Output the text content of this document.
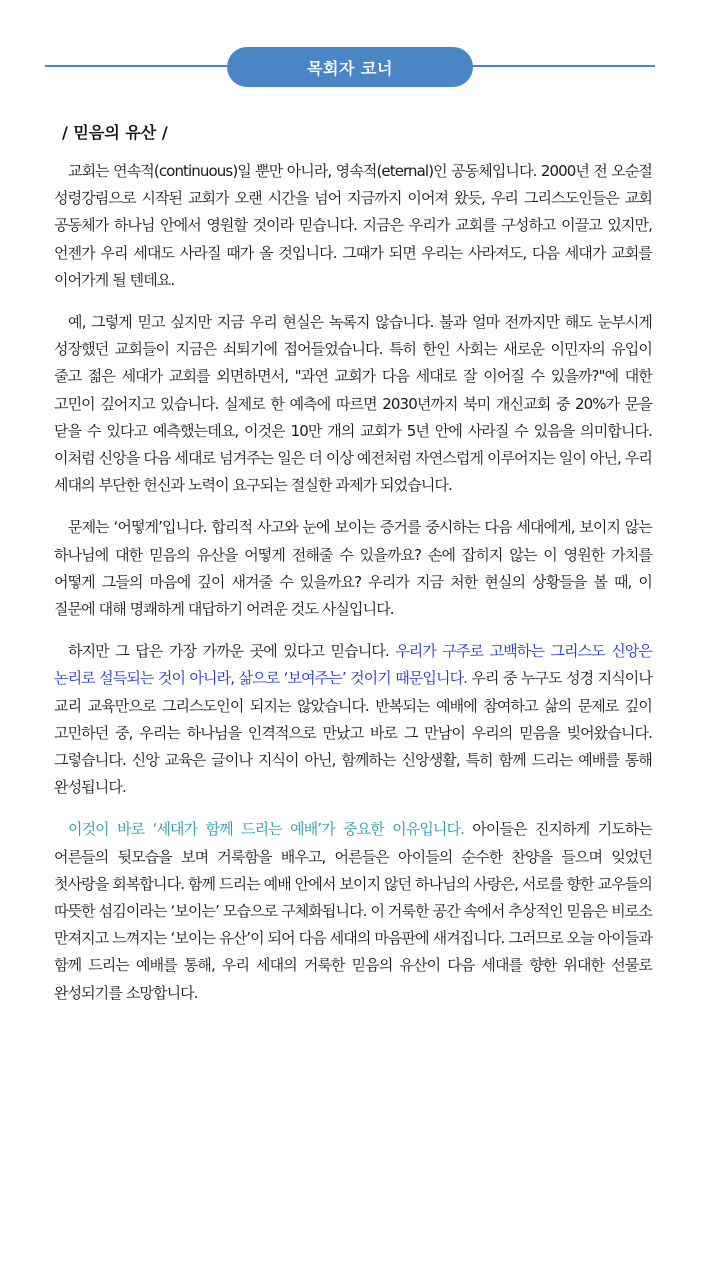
목회자 코너
/ 믿음의 유산 /

교회는 연속적(continuous)일 뿐만 아니라, 영속적(eternal)인 공동체입니다. 2000년 전 오순절 성령강림으로 시작된 교회가 오랜 시간을 넘어 지금까지 이어져 왔듯, 우리 그리스도인들은 교회 공동체가 하나님 안에서 영원할 것이라 믿습니다. 지금은 우리가 교회를 구성하고 이끌고 있지만, 언젠가 우리 세대도 사라질 때가 올 것입니다. 그때가 되면 우리는 사라져도, 다음 세대가 교회를 이어가게 될 텐데요.

예, 그렇게 믿고 싶지만 지금 우리 현실은 녹록지 않습니다. 불과 얼마 전까지만 해도 눈부시게 성장했던 교회들이 지금은 쇠퇴기에 접어들었습니다. 특히 한인 사회는 새로운 이민자의 유입이 줄고 젊은 세대가 교회를 외면하면서, "과연 교회가 다음 세대로 잘 이어질 수 있을까?"에 대한 고민이 깊어지고 있습니다. 실제로 한 예측에 따르면 2030년까지 북미 개신교회 중 20%가 문을 닫을 수 있다고 예측했는데요, 이것은 10만 개의 교회가 5년 안에 사라질 수 있음을 의미합니다. 이처럼 신앙을 다음 세대로 넘겨주는 일은 더 이상 예전처럼 자연스럽게 이루어지는 일이 아닌, 우리 세대의 부단한 헌신과 노력이 요구되는 절실한 과제가 되었습니다.

문제는 ‘어떻게’입니다. 합리적 사고와 눈에 보이는 증거를 중시하는 다음 세대에게, 보이지 않는 하나님에 대한 믿음의 유산을 어떻게 전해줄 수 있을까요? 손에 잡히지 않는 이 영원한 가치를 어떻게 그들의 마음에 깊이 새겨줄 수 있을까요? 우리가 지금 처한 현실의 상황들을 볼 때, 이 질문에 대해 명쾌하게 대답하기 어려운 것도 사실입니다.

하지만 그 답은 가장 가까운 곳에 있다고 믿습니다. 우리가 구주로 고백하는 그리스도 신앙은 논리로 설득되는 것이 아니라, 삶으로 ‘보여주는’ 것이기 때문입니다. 우리 중 누구도 성경 지식이나 교리 교육만으로 그리스도인이 되지는 않았습니다. 반복되는 예배에 참여하고 삶의 문제로 깊이 고민하던 중, 우리는 하나님을 인격적으로 만났고 바로 그 만남이 우리의 믿음을 빚어왔습니다. 그렇습니다. 신앙 교육은 글이나 지식이 아닌, 함께하는 신앙생활, 특히 함께 드리는 예배를 통해 완성됩니다.

이것이 바로 ‘세대가 함께 드리는 예배’가 중요한 이유입니다. 아이들은 진지하게 기도하는 어른들의 뒷모습을 보며 거룩함을 배우고, 어른들은 아이들의 순수한 찬양을 들으며 잊었던 첫사랑을 회복합니다. 함께 드리는 예배 안에서 보이지 않던 하나님의 사랑은, 서로를 향한 교우들의 따뜻한 섬김이라는 ‘보이는’ 모습으로 구체화됩니다. 이 거룩한 공간 속에서 추상적인 믿음은 비로소 만져지고 느껴지는 ‘보이는 유산’이 되어 다음 세대의 마음판에 새겨집니다. 그러므로 오늘 아이들과 함께 드리는 예배를 통해, 우리 세대의 거룩한 믿음의 유산이 다음 세대를 향한 위대한 선물로 완성되기를 소망합니다.
